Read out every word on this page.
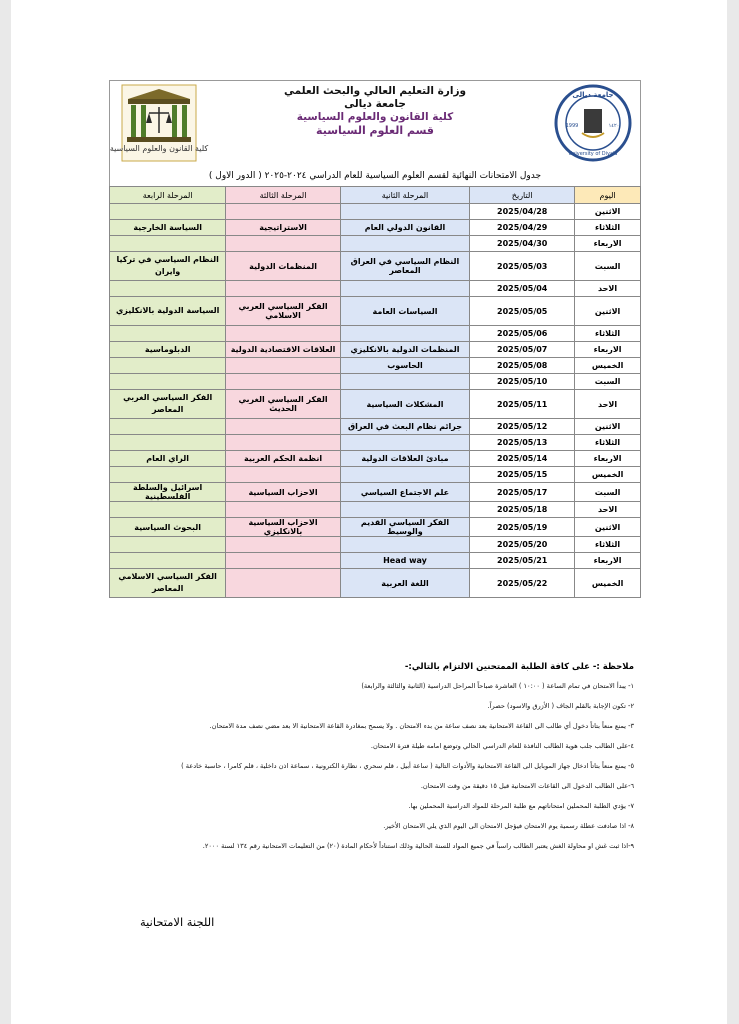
كلية القانون والعلوم السياسية
وزارة التعليم العالي والبحث العلمي
جامعة ديالى
كلية القانون والعلوم السياسية
قسم العلوم السياسية
جامعة ديالى
1999	١٤٢٠
University of Diyala
جدول الامتحانات النهائية لقسم العلوم السياسية للعام الدراسي ٢٠٢٤-٢٠٢٥ ( الدور الاول )
اليوم	التاريخ	المرحلة الثانية	المرحلة الثالثة	المرحلة الرابعة
الاثنين	2025/04/28			
الثلاثاء	2025/04/29	القانون الدولي العام	الاستراتيجية	السياسة الخارجية
الاربعاء	2025/04/30			
السبت	2025/05/03	النظام السياسي في العراق المعاصر	المنظمات الدولية	النظام السياسي في تركيا وايران
الاحد	2025/05/04			
الاثنين	2025/05/05	السياسات العامة	الفكر السياسي العربي الاسلامي	السياسة الدولية بالانكليزي
الثلاثاء	2025/05/06			
الاربعاء	2025/05/07	المنظمات الدولية بالانكليزي	العلاقات الاقتصادية الدولية	الدبلوماسية
الخميس	2025/05/08	الحاسوب		
السبت	2025/05/10			
الاحد	2025/05/11	المشكلات السياسية	الفكر السياسي الغربي الحديث	الفكر السياسي الغربي المعاصر
الاثنين	2025/05/12	جرائم نظام البعث في العراق		
الثلاثاء	2025/05/13			
الاربعاء	2025/05/14	مبادئ العلاقات الدولية	انظمة الحكم العربية	الراي العام
الخميس	2025/05/15			
السبت	2025/05/17	علم الاجتماع السياسي	الاحزاب السياسية	اسرائيل والسلطة الفلسطينية
الاحد	2025/05/18			
الاثنين	2025/05/19	الفكر السياسي القديم والوسيط	الاحزاب السياسية بالانكليزي	البحوث السياسية
الثلاثاء	2025/05/20			
الاربعاء	2025/05/21	Head way		
الخميس	2025/05/22	اللغة العربية		الفكر السياسي الاسلامي المعاصر
ملاحظة :- على كافة الطلبة الممتحنين الالتزام بالتالي:-
١- يبدأ الامتحان في تمام الساعة ( ١٠:٠٠ ) العاشرة صباحاً المراحل الدراسية (الثانية والثالثة والرابعة)
٢- تكون الإجابة بالقلم الجاف ( الأزرق والاسود) حصراً.
٣- يمنع منعاً بتاتاً دخول أي طالب الى القاعة الامتحانية بعد نصف ساعة من بدء الامتحان . ولا يسمح بمغادرة القاعة الامتحانية الا بعد مضي نصف مدة الامتحان.
٤-على الطالب جلب هوية الطالب النافذة للعام الدراسي الحالي وتوضع امامه طيلة فترة الامتحان.
٥- يمنع منعاً بتاتاً ادخال جهاز الموبايل الى القاعة الامتحانية والأدوات التالية ( ساعة أبيل ، قلم سحري ، نظارة الكترونية ، سماعة اذن داخلية ، قلم كامرا ، حاسبة خادعة )
٦-على الطالب الدخول الى القاعات الامتحانية قبل ١٥ دقيقة من وقت الامتحان.
٧- يؤدي الطلبة المحملين امتحاناتهم مع طلبة المرحلة للمواد الدراسية المحملين بها.
٨- اذا صادفت عطلة رسمية يوم الامتحان فيؤجل الامتحان الى اليوم الذي يلي الامتحان الأخير.
٩-اذا ثبت غش او محاولة الغش يعتبر الطالب راسباً في جميع المواد للسنة الحالية وذلك استناداً لأحكام المادة (٢٠) من التعليمات الامتحانية رقم ١٣٤ لسنة ٢٠٠٠.
اللجنة الامتحانية
